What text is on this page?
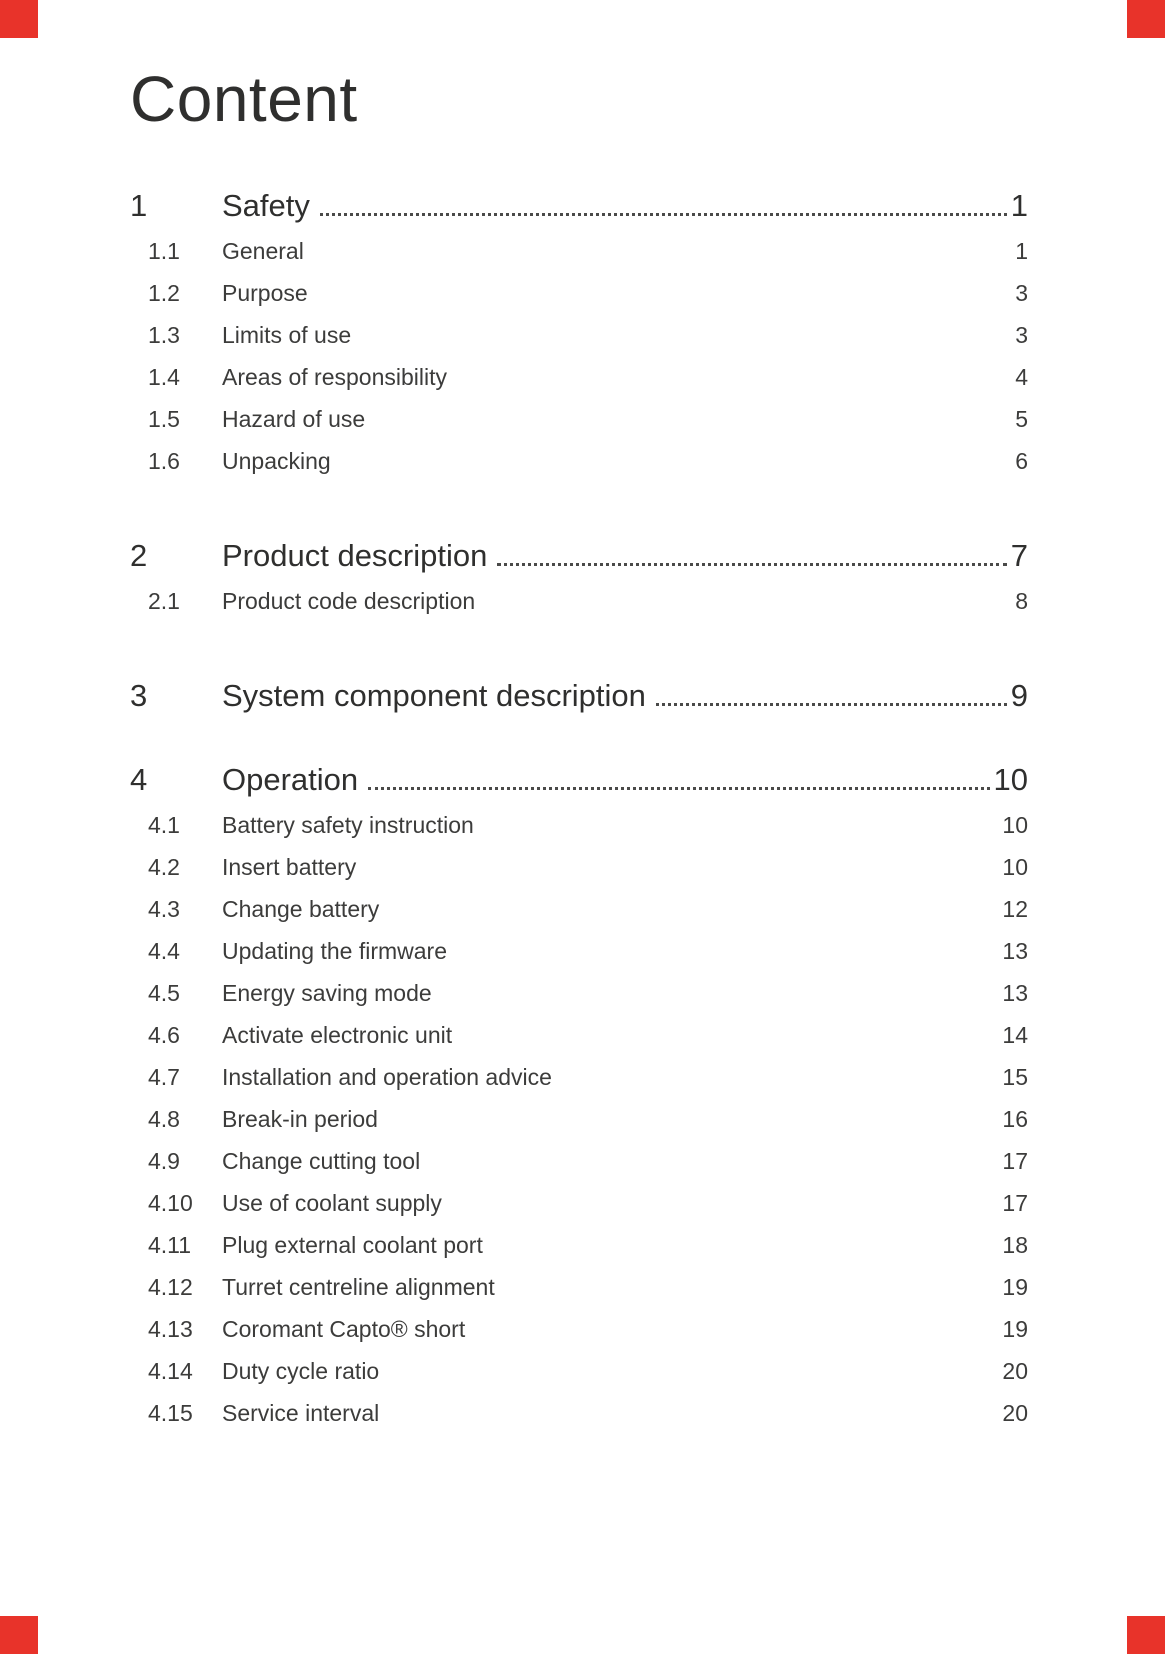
Content
1	Safety	1
1.1	General	1
1.2	Purpose	3
1.3	Limits of use	3
1.4	Areas of responsibility	4
1.5	Hazard of use	5
1.6	Unpacking	6
2	Product description	7
2.1	Product code description	8
3	System component description	9
4	Operation	10
4.1	Battery safety instruction	10
4.2	Insert battery	10
4.3	Change battery	12
4.4	Updating the firmware	13
4.5	Energy saving mode	13
4.6	Activate electronic unit	14
4.7	Installation and operation advice	15
4.8	Break-in period	16
4.9	Change cutting tool	17
4.10	Use of coolant supply	17
4.11	Plug external coolant port	18
4.12	Turret centreline alignment	19
4.13	Coromant Capto® short	19
4.14	Duty cycle ratio	20
4.15	Service interval	20
